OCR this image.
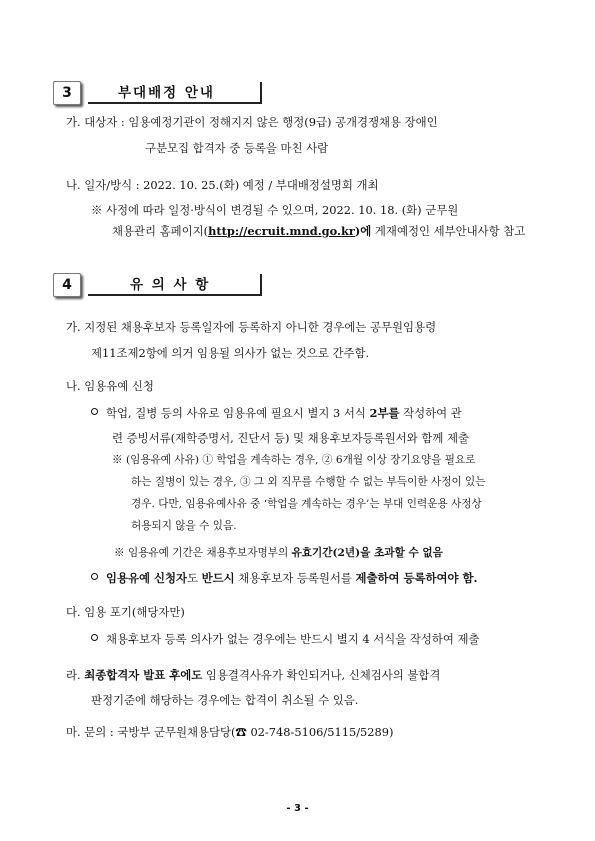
3	부대배정 안내
가. 대상자 : 임용예정기관이 정해지지 않은 행정(9급) 공개경쟁채용 장애인
구분모집 합격자 중 등록을 마친 사람
나. 일자/방식 : 2022. 10. 25.(화) 예정 / 부대배정설명회 개최
※ 사정에 따라 일정·방식이 변경될 수 있으며, 2022. 10. 18. (화) 군무원
채용관리 홈페이지(http://ecruit.mnd.go.kr)에 게재예정인 세부안내사항 참고
4	유 의 사 항
가. 지정된 채용후보자 등록일자에 등록하지 아니한 경우에는 공무원임용령
제11조제2항에 의거 임용될 의사가 없는 것으로 간주함.
나. 임용유예 신청
학업, 질병 등의 사유로 임용유예 필요시 별지 3 서식 2부를 작성하여 관
련 증빙서류(재학증명서, 진단서 등) 및 채용후보자등록원서와 함께 제출
※ (임용유예 사유) ① 학업을 계속하는 경우, ② 6개월 이상 장기요양을 필요로
하는 질병이 있는 경우, ③ 그 외 직무를 수행할 수 없는 부득이한 사정이 있는
경우. 다만, 임용유예사유 중 ‘학업을 계속하는 경우’는 부대 인력운용 사정상
허용되지 않을 수 있음.
※ 임용유예 기간은 채용후보자명부의 유효기간(2년)을 초과할 수 없음
임용유예 신청자도 반드시 채용후보자 등록원서를 제출하여 등록하여야 함.
다. 임용 포기(해당자만)
채용후보자 등록 의사가 없는 경우에는 반드시 별지 4 서식을 작성하여 제출
라. 최종합격자 발표 후에도 임용결격사유가 확인되거나, 신체검사의 불합격
판정기준에 해당하는 경우에는 합격이 취소될 수 있음.
마. 문의 : 국방부 군무원채용담당(☎ 02-748-5106/5115/5289)
- 3 -
